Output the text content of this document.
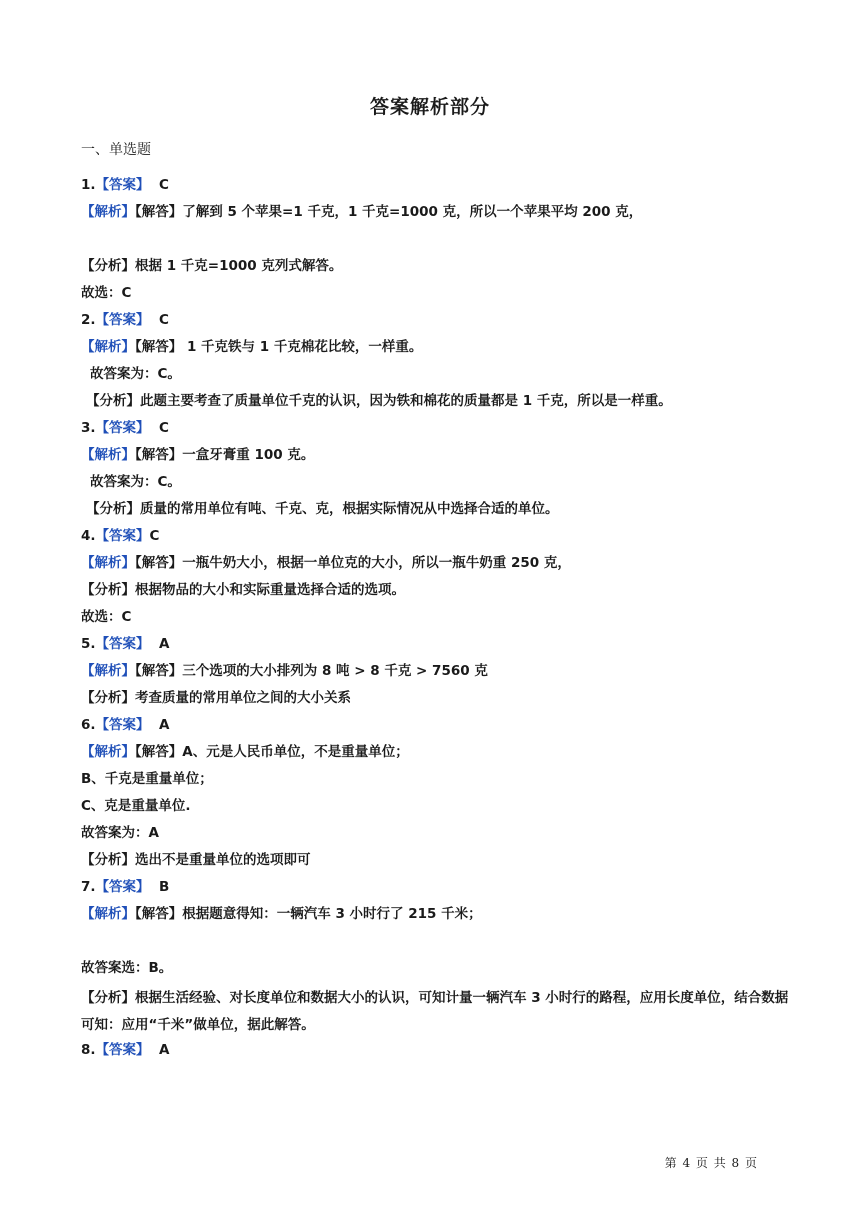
答案解析部分
一、单选题
1.【答案】 C
【解析】【解答】了解到 5 个苹果=1 千克，1 千克=1000 克，所以一个苹果平均 200 克，
【分析】根据 1 千克=1000 克列式解答。
故选：C
2.【答案】 C
【解析】【解答】 1 千克铁与 1 千克棉花比较，一样重。
故答案为：C。
【分析】此题主要考查了质量单位千克的认识，因为铁和棉花的质量都是 1 千克，所以是一样重。
3.【答案】 C
【解析】【解答】一盒牙膏重 100 克。
故答案为：C。
【分析】质量的常用单位有吨、千克、克，根据实际情况从中选择合适的单位。
4.【答案】C
【解析】【解答】一瓶牛奶大小，根据一单位克的大小，所以一瓶牛奶重 250 克，
【分析】根据物品的大小和实际重量选择合适的选项。
故选：C
5.【答案】 A
【解析】【解答】三个选项的大小排列为 8 吨 > 8 千克 > 7560 克
【分析】考查质量的常用单位之间的大小关系
6.【答案】 A
【解析】【解答】A、元是人民币单位，不是重量单位；
B、千克是重量单位；
C、克是重量单位.
故答案为：A
【分析】选出不是重量单位的选项即可
7.【答案】 B
【解析】【解答】根据题意得知：一辆汽车 3 小时行了 215 千米；
故答案选：B。
【分析】根据生活经验、对长度单位和数据大小的认识，可知计量一辆汽车 3 小时行的路程，应用长度单位，结合数据可知：应用“千米”做单位，据此解答。
8.【答案】 A
第 4 页 共 8 页
